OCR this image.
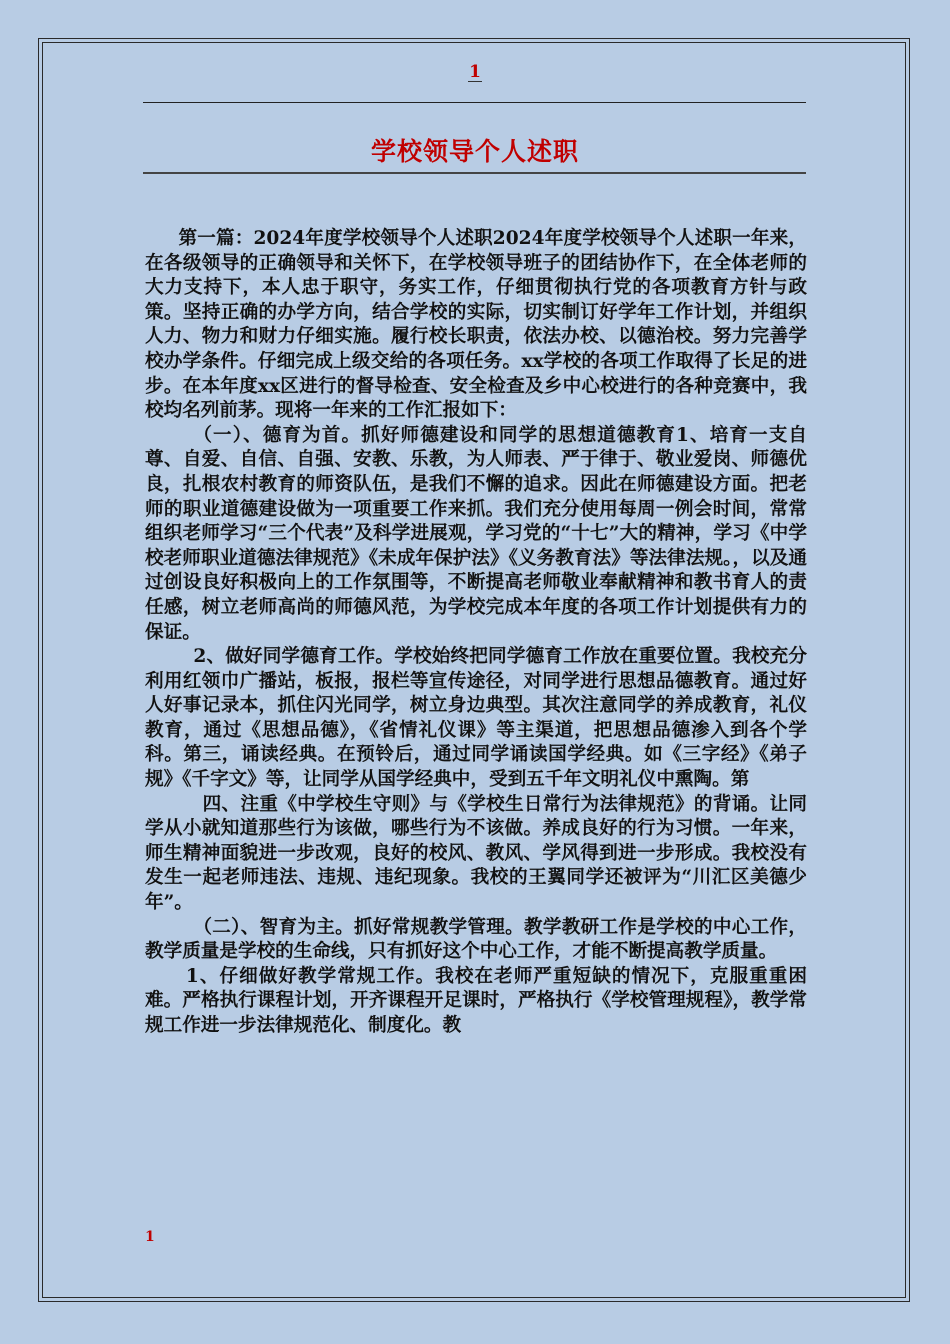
1
学校领导个人述职

第一篇：2024年度学校领导个人述职2024年度学校领导个人述职一年来，在各级领导的正确领导和关怀下，在学校领导班子的团结协作下，在全体老师的大力支持下，本人忠于职守，务实工作，仔细贯彻执行党的各项教育方针与政策。坚持正确的办学方向，结合学校的实际，切实制订好学年工作计划，并组织人力、物力和财力仔细实施。履行校长职责，依法办校、以德治校。努力完善学校办学条件。仔细完成上级交给的各项任务。xx学校的各项工作取得了长足的进步。在本年度xx区进行的督导检查、安全检查及乡中心校进行的各种竞赛中，我校均名列前茅。现将一年来的工作汇报如下：

（一）、德育为首。抓好师德建设和同学的思想道德教育1、培育一支自尊、自爱、自信、自强、安教、乐教，为人师表、严于律于、敬业爱岗、师德优良，扎根农村教育的师资队伍，是我们不懈的追求。因此在师德建设方面。把老师的职业道德建设做为一项重要工作来抓。我们充分使用每周一例会时间，常常组织老师学习“三个代表”及科学进展观，学习党的“十七”大的精神，学习《中学校老师职业道德法律规范》《未成年保护法》《义务教育法》等法律法规。，以及通过创设良好积极向上的工作氛围等，不断提高老师敬业奉献精神和教书育人的责任感，树立老师高尚的师德风范，为学校完成本年度的各项工作计划提供有力的保证。

2、做好同学德育工作。学校始终把同学德育工作放在重要位置。我校充分利用红领巾广播站，板报，报栏等宣传途径，对同学进行思想品德教育。通过好人好事记录本，抓住闪光同学，树立身边典型。其次注意同学的养成教育，礼仪教育，通过《思想品德》，《省情礼仪课》等主渠道，把思想品德渗入到各个学科。第三，诵读经典。在预铃后，通过同学诵读国学经典。如《三字经》《弟子规》《千字文》等，让同学从国学经典中，受到五千年文明礼仪中熏陶。第

四、注重《中学校生守则》与《学校生日常行为法律规范》的背诵。让同学从小就知道那些行为该做，哪些行为不该做。养成良好的行为习惯。一年来，师生精神面貌进一步改观，良好的校风、教风、学风得到进一步形成。我校没有发生一起老师违法、违规、违纪现象。我校的王翼同学还被评为“川汇区美德少年”。

（二）、智育为主。抓好常规教学管理。教学教研工作是学校的中心工作，教学质量是学校的生命线，只有抓好这个中心工作，才能不断提高教学质量。

1、仔细做好教学常规工作。我校在老师严重短缺的情况下，克服重重困难。严格执行课程计划，开齐课程开足课时，严格执行《学校管理规程》，教学常规工作进一步法律规范化、制度化。教

1
